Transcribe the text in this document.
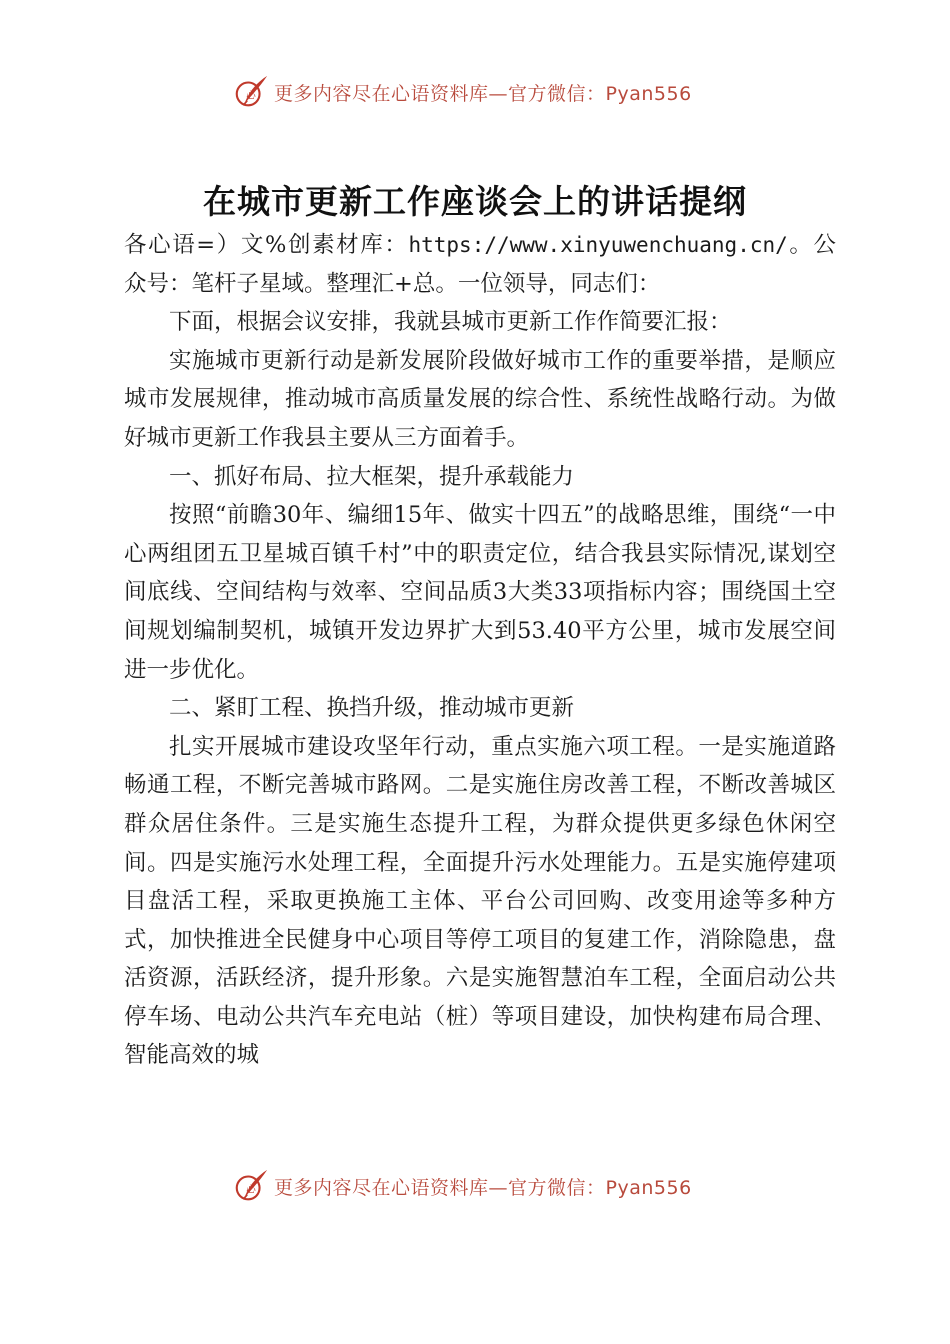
心 更多内容尽在心语资料库—官方微信：Pyan556
在城市更新工作座谈会上的讲话提纲

各心语=）文%创素材库：https://www.xinyuwenchuang.cn/。公众号：笔杆子星域。整理汇+总。一位领导，同志们：

下面，根据会议安排，我就县城市更新工作作简要汇报：

实施城市更新行动是新发展阶段做好城市工作的重要举措，是顺应城市发展规律，推动城市高质量发展的综合性、系统性战略行动。为做好城市更新工作我县主要从三方面着手。

一、抓好布局、拉大框架，提升承载能力

按照“前瞻30年、编细15年、做实十四五”的战略思维，围绕“一中心两组团五卫星城百镇千村”中的职责定位，结合我县实际情况,谋划空间底线、空间结构与效率、空间品质3大类33项指标内容；围绕国土空间规划编制契机，城镇开发边界扩大到53.40平方公里，城市发展空间进一步优化。

二、紧盯工程、换挡升级，推动城市更新

扎实开展城市建设攻坚年行动，重点实施六项工程。一是实施道路畅通工程，不断完善城市路网。二是实施住房改善工程，不断改善城区群众居住条件。三是实施生态提升工程，为群众提供更多绿色休闲空间。四是实施污水处理工程，全面提升污水处理能力。五是实施停建项目盘活工程，采取更换施工主体、平台公司回购、改变用途等多种方式，加快推进全民健身中心项目等停工项目的复建工作，消除隐患，盘活资源，活跃经济，提升形象。六是实施智慧泊车工程，全面启动公共停车场、电动公共汽车充电站（桩）等项目建设，加快构建布局合理、智能高效的城

心 更多内容尽在心语资料库—官方微信：Pyan556
